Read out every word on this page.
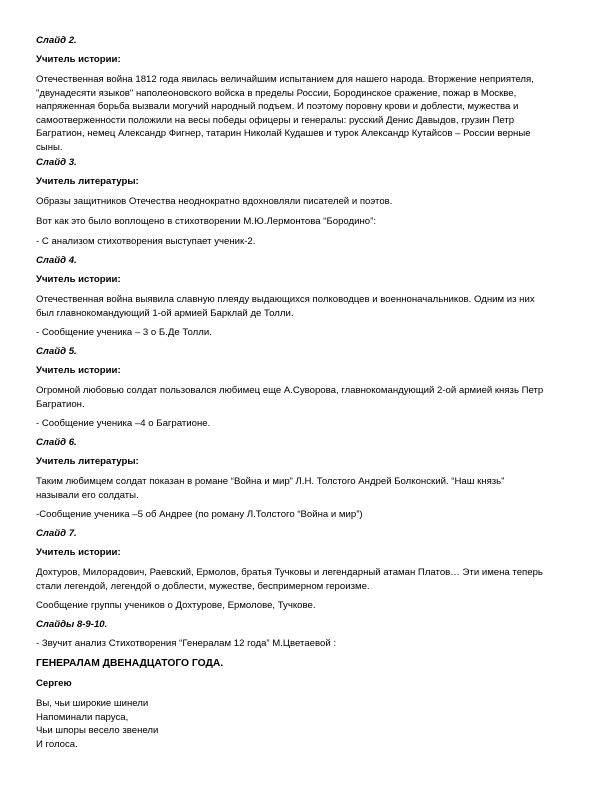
Слайд 2.

Учитель истории:

Отечественная война 1812 года явилась величайшим испытанием для нашего народа. Вторжение неприятеля,
"двунадесяти языков" наполеоновского войска в пределы России, Бородинское сражение, пожар в Москве,
напряженная борьба вызвали могучий народный подъем. И поэтому поровну крови и доблести, мужества и
самоотверженности положили на весы победы офицеры и генералы: русский Денис Давыдов, грузин Петр
Багратион, немец Александр Фигнер, татарин Николай Кудашев и турок Александр Кутайсов – России верные
сыны.

Слайд 3.

Учитель литературы:

Образы защитников Отечества неоднократно вдохновляли писателей и поэтов.

Вот как это было воплощено в стихотворении М.Ю.Лермонтова “Бородино”:

- С анализом стихотворения выступает ученик-2.

Слайд 4.

Учитель истории:

Отечественная война выявила славную плеяду выдающихся полководцев и военноначальников. Одним из них
был главнокомандующий 1-ой армией Барклай де Толли.

- Сообщение ученика – 3 о Б.Де Толли.

Слайд 5.

Учитель истории:

Огромной любовью солдат пользовался любимец еще А.Суворова, главнокомандующий 2-ой армией князь Петр
Багратион.

- Сообщение ученика –4 о Багратионе.

Слайд 6.

Учитель литературы:

Таким любимцем солдат показан в романе “Война и мир” Л.Н. Толстого Андрей Болконский. “Наш князь”
называли его солдаты.

-Сообщение ученика –5 об Андрее (по роману Л.Толстого “Война и мир”)

Слайд 7.

Учитель истории:

Дохтуров, Милорадович, Раевский, Ермолов, братья Тучковы и легендарный атаман Платов… Эти имена теперь
стали легендой, легендой о доблести, мужестве, беспримерном героизме.

Сообщение группы учеников о Дохтурове, Ермолове, Тучкове.

Слайды 8-9-10.

- Звучит анализ Стихотворения “Генералам 12 года” М.Цветаевой :

ГЕНЕРАЛАМ ДВЕНАДЦАТОГО ГОДА.

Сергею

Вы, чьи широкие шинели
Напоминали паруса,
Чьи шпоры весело звенели
И голоса.
